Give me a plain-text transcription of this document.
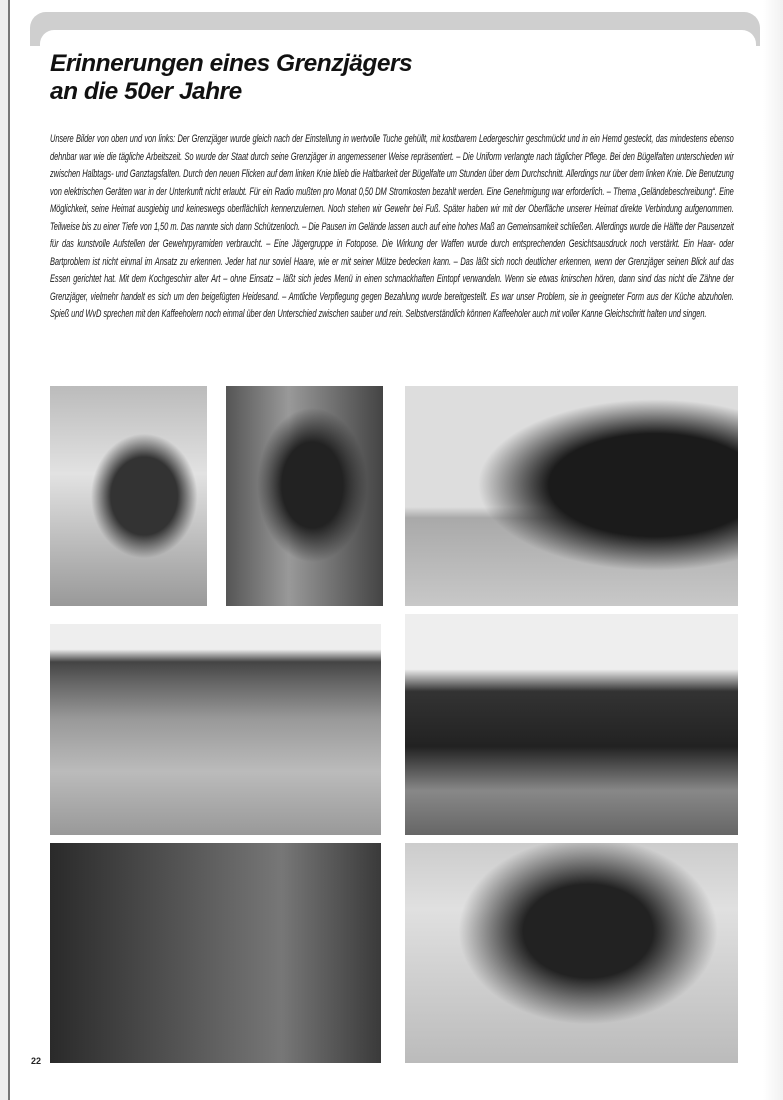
Erinnerungen eines Grenzjägers
an die 50er Jahre

Unsere Bilder von oben und von links: Der Grenzjäger wurde gleich nach der Einstellung in wertvolle Tuche gehüllt, mit kostbarem Ledergeschirr geschmückt und in ein Hemd gesteckt, das mindestens ebenso dehnbar war wie die tägliche Arbeitszeit. So wurde der Staat durch seine Grenzjäger in angemessener Weise repräsentiert. – Die Uniform verlangte nach täglicher Pflege. Bei den Bügelfalten unterschieden wir zwischen Halbtags- und Ganztagsfalten. Durch den neuen Flicken auf dem linken Knie blieb die Haltbarkeit der Bügelfalte um Stunden über dem Durchschnitt. Allerdings nur über dem linken Knie. Die Benutzung von elektrischen Geräten war in der Unterkunft nicht erlaubt. Für ein Radio mußten pro Monat 0,50 DM Stromkosten bezahlt werden. Eine Genehmigung war erforderlich. – Thema „Geländebeschreibung“. Eine Möglichkeit, seine Heimat ausgiebig und keineswegs oberflächlich kennenzulernen. Noch stehen wir Gewehr bei Fuß. Später haben wir mit der Oberfläche unserer Heimat direkte Verbindung aufgenommen. Teilweise bis zu einer Tiefe von 1,50 m. Das nannte sich dann Schützenloch. – Die Pausen im Gelände lassen auch auf eine hohes Maß an Gemeinsamkeit schließen. Allerdings wurde die Hälfte der Pausenzeit für das kunstvolle Aufstellen der Gewehrpyramiden verbraucht. – Eine Jägergruppe in Fotopose. Die Wirkung der Waffen wurde durch entsprechenden Gesichtsausdruck noch verstärkt. Ein Haar- oder Bartproblem ist nicht einmal im Ansatz zu erkennen. Jeder hat nur soviel Haare, wie er mit seiner Mütze bedecken kann. – Das läßt sich noch deutlicher erkennen, wenn der Grenzjäger seinen Blick auf das Essen gerichtet hat. Mit dem Kochgeschirr alter Art – ohne Einsatz – läßt sich jedes Menü in einen schmackhaften Eintopf verwandeln. Wenn sie etwas knirschen hören, dann sind das nicht die Zähne der Grenzjäger, vielmehr handelt es sich um den beigefügten Heidesand. – Amtliche Verpflegung gegen Bezahlung wurde bereitgestellt. Es war unser Problem, sie in geeigneter Form aus der Küche abzuholen. Spieß und WvD sprechen mit den Kaffeeholern noch einmal über den Unterschied zwischen sauber und rein. Selbstverständlich können Kaffeeholer auch mit voller Kanne Gleichschritt halten und singen.

22
